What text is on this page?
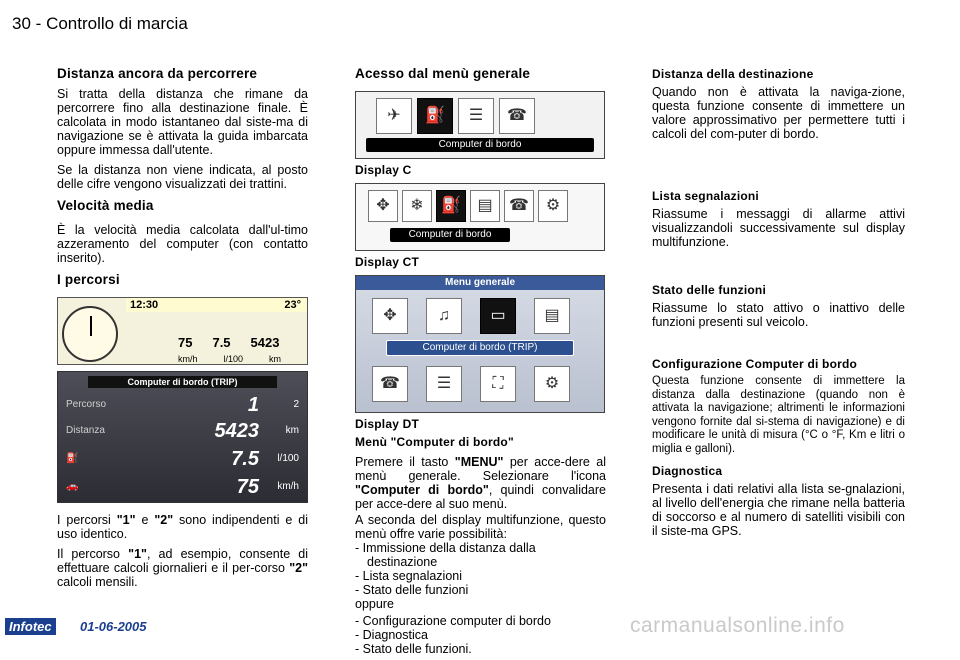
30 - Controllo di marcia
Distanza ancora da percorrere

Si tratta della distanza che rimane da percorrere fino alla destinazione finale. È calcolata in modo istantaneo dal siste-ma di navigazione se è attivata la guida imbarcata oppure immessa dall'utente.

Se la distanza non viene indicata, al posto delle cifre vengono visualizzati dei trattini.

Velocità media

È la velocità media calcolata dall'ul-timo azzeramento del computer (con contatto inserito).

I percorsi
12:30	23°
75 7.5 5423
km/h	l/100	km
Computer di bordo (TRIP)
Percorso	1	2
Distanza	5423	km
⛽	7.5	l/100
🚗	75	km/h

I percorsi "1" e "2" sono indipendenti e di uso identico.

Il percorso "1", ad esempio, consente di effettuare calcoli giornalieri e il per-corso "2" calcoli mensili.

Acesso dal menù generale
✈	⛽	☰	☎
Computer di bordo
Display C
✥	❄	⛽	▤	☎	⚙
Computer di bordo
Display CT
Menu generale
✥	♫	▭	▤
Computer di bordo (TRIP)
☎	☰	⛶	⚙
Display DT
Menù "Computer di bordo"

Premere il tasto "MENU" per acce-dere al menù generale. Selezionare l'icona "Computer di bordo", quindi convalidare per acce-dere al suo menù.

A seconda del display multifunzione, questo menù offre varie possibilità:

- Immissione della distanza dalla destinazione
- Lista segnalazioni
- Stato delle funzioni
oppure
- Configurazione computer di bordo
- Diagnostica
- Stato delle funzioni.
Distanza della destinazione

Quando non è attivata la naviga-zione, questa funzione consente di immettere un valore approssimativo per permettere tutti i calcoli del com-puter di bordo.

Lista segnalazioni

Riassume i messaggi di allarme attivi visualizzandoli successivamente sul display multifunzione.

Stato delle funzioni

Riassume lo stato attivo o inattivo delle funzioni presenti sul veicolo.

Configurazione Computer di bordo

Questa funzione consente di immettere la distanza dalla destinazione (quando non è attivata la navigazione; altrimenti le informazioni vengono fornite dal si-stema di navigazione) e di modificare le unità di misura (°C o °F, Km e litri o miglia e galloni).

Diagnostica

Presenta i dati relativi alla lista se-gnalazioni, al livello dell'energia che rimane nella batteria di soccorso e al numero di satelliti visibili con il siste-ma GPS.

Infotec	01-06-2005	carmanualsonline.info
